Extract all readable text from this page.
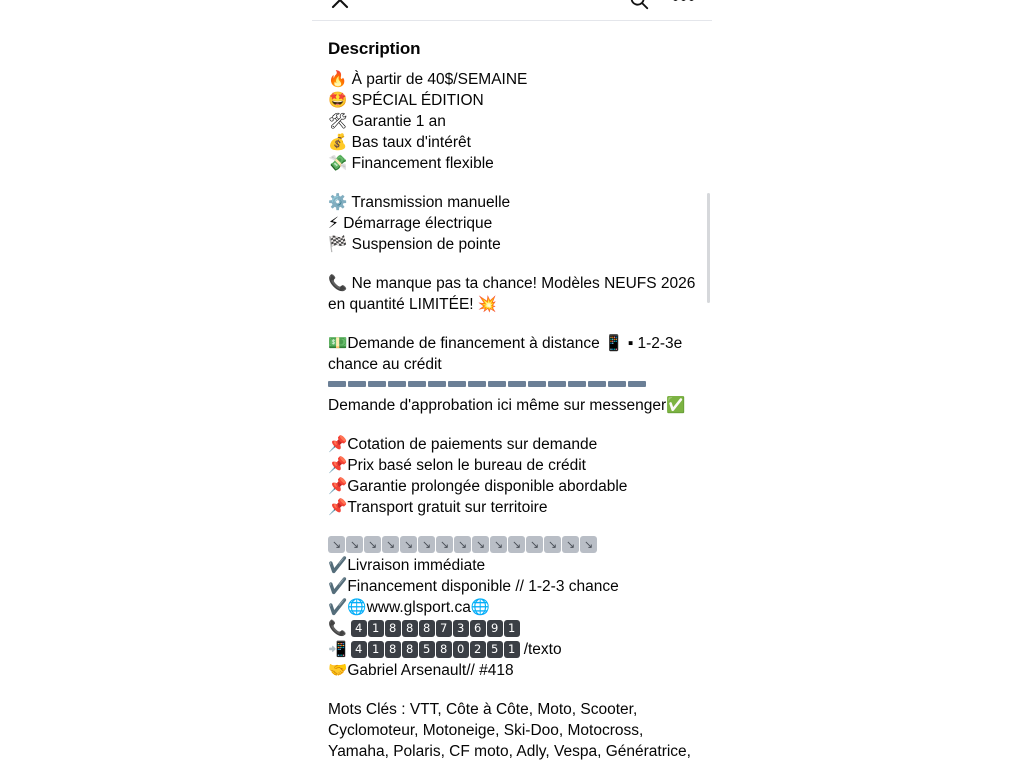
Description
🔥 À partir de 40$/SEMAINE
🤩 SPÉCIAL ÉDITION
🛠 Garantie 1 an
💰 Bas taux d'intérêt
💸 Financement flexible
⚙️ Transmission manuelle
⚡ Démarrage électrique
🏁 Suspension de pointe
📞 Ne manque pas ta chance! Modèles NEUFS 2026 en quantité LIMITÉE! 💥
💵Demande de financement à distance 📱 ▪ 1-2-3e chance au crédit
Demande d'approbation ici même sur messenger✅
📌Cotation de paiements sur demande
📌Prix basé selon le bureau de crédit
📌Garantie prolongée disponible abordable
📌Transport gratuit sur territoire
↘ ↘ ↘ ↘ ↘ ↘ ↘ ↘ ↘ ↘ ↘ ↘ ↘ ↘ ↘
✔️Livraison immédiate
✔️Financement disponible // 1-2-3 chance
✔️🌐www.glsport.ca🌐
📞 4 1 8 8 8 7 3 6 9 1
📲 4 1 8 8 5 8 0 2 5 1 /texto
🤝Gabriel Arsenault// #418
Mots Clés : VTT, Côte à Côte, Moto, Scooter, Cyclomoteur, Motoneige, Ski-Doo, Motocross, Yamaha, Polaris, CF moto, Adly, Vespa, Génératrice,
